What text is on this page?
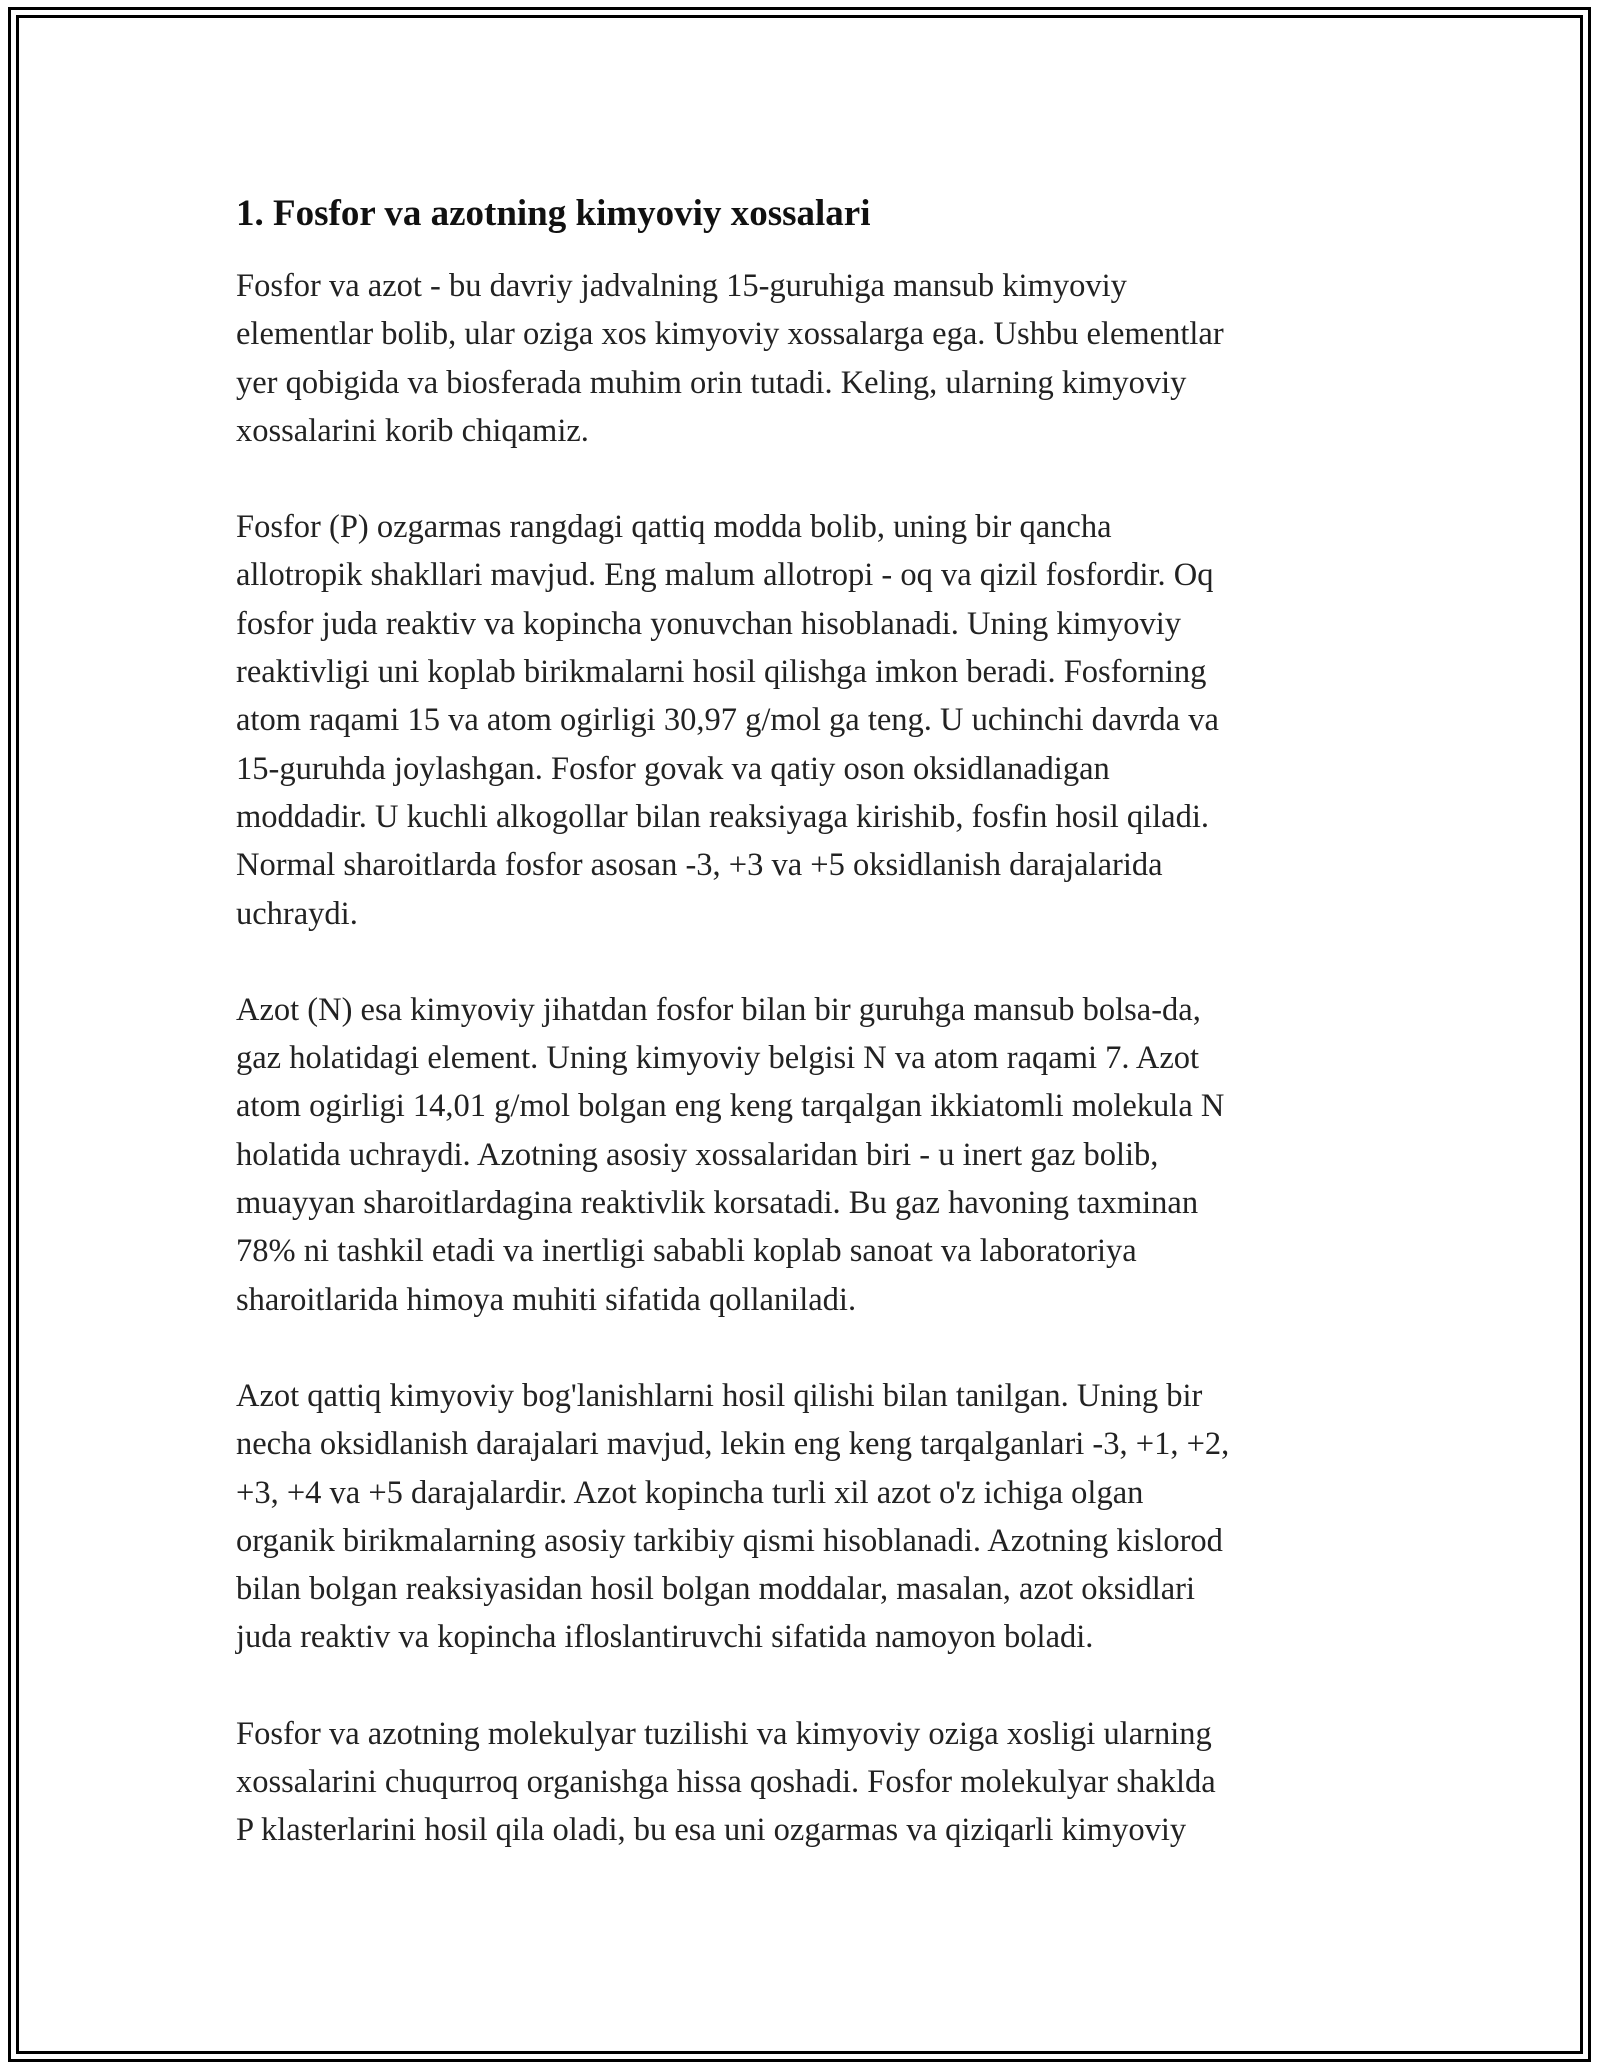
1. Fosfor va azotning kimyoviy xossalari

Fosfor va azot - bu davriy jadvalning 15-guruhiga mansub kimyoviy
elementlar bolib, ular oziga xos kimyoviy xossalarga ega. Ushbu elementlar
yer qobigida va biosferada muhim orin tutadi. Keling, ularning kimyoviy
xossalarini korib chiqamiz.

Fosfor (P) ozgarmas rangdagi qattiq modda bolib, uning bir qancha
allotropik shakllari mavjud. Eng malum allotropi - oq va qizil fosfordir. Oq
fosfor juda reaktiv va kopincha yonuvchan hisoblanadi. Uning kimyoviy
reaktivligi uni koplab birikmalarni hosil qilishga imkon beradi. Fosforning
atom raqami 15 va atom ogirligi 30,97 g/mol ga teng. U uchinchi davrda va
15-guruhda joylashgan. Fosfor govak va qatiy oson oksidlanadigan
moddadir. U kuchli alkogollar bilan reaksiyaga kirishib, fosfin hosil qiladi.
Normal sharoitlarda fosfor asosan -3, +3 va +5 oksidlanish darajalarida
uchraydi.

Azot (N) esa kimyoviy jihatdan fosfor bilan bir guruhga mansub bolsa-da,
gaz holatidagi element. Uning kimyoviy belgisi N va atom raqami 7. Azot
atom ogirligi 14,01 g/mol bolgan eng keng tarqalgan ikkiatomli molekula N
holatida uchraydi. Azotning asosiy xossalaridan biri - u inert gaz bolib,
muayyan sharoitlardagina reaktivlik korsatadi. Bu gaz havoning taxminan
78% ni tashkil etadi va inertligi sababli koplab sanoat va laboratoriya
sharoitlarida himoya muhiti sifatida qollaniladi.

Azot qattiq kimyoviy bog'lanishlarni hosil qilishi bilan tanilgan. Uning bir
necha oksidlanish darajalari mavjud, lekin eng keng tarqalganlari -3, +1, +2,
+3, +4 va +5 darajalardir. Azot kopincha turli xil azot o'z ichiga olgan
organik birikmalarning asosiy tarkibiy qismi hisoblanadi. Azotning kislorod
bilan bolgan reaksiyasidan hosil bolgan moddalar, masalan, azot oksidlari
juda reaktiv va kopincha ifloslantiruvchi sifatida namoyon boladi.

Fosfor va azotning molekulyar tuzilishi va kimyoviy oziga xosligi ularning
xossalarini chuqurroq organishga hissa qoshadi. Fosfor molekulyar shaklda
P klasterlarini hosil qila oladi, bu esa uni ozgarmas va qiziqarli kimyoviy
